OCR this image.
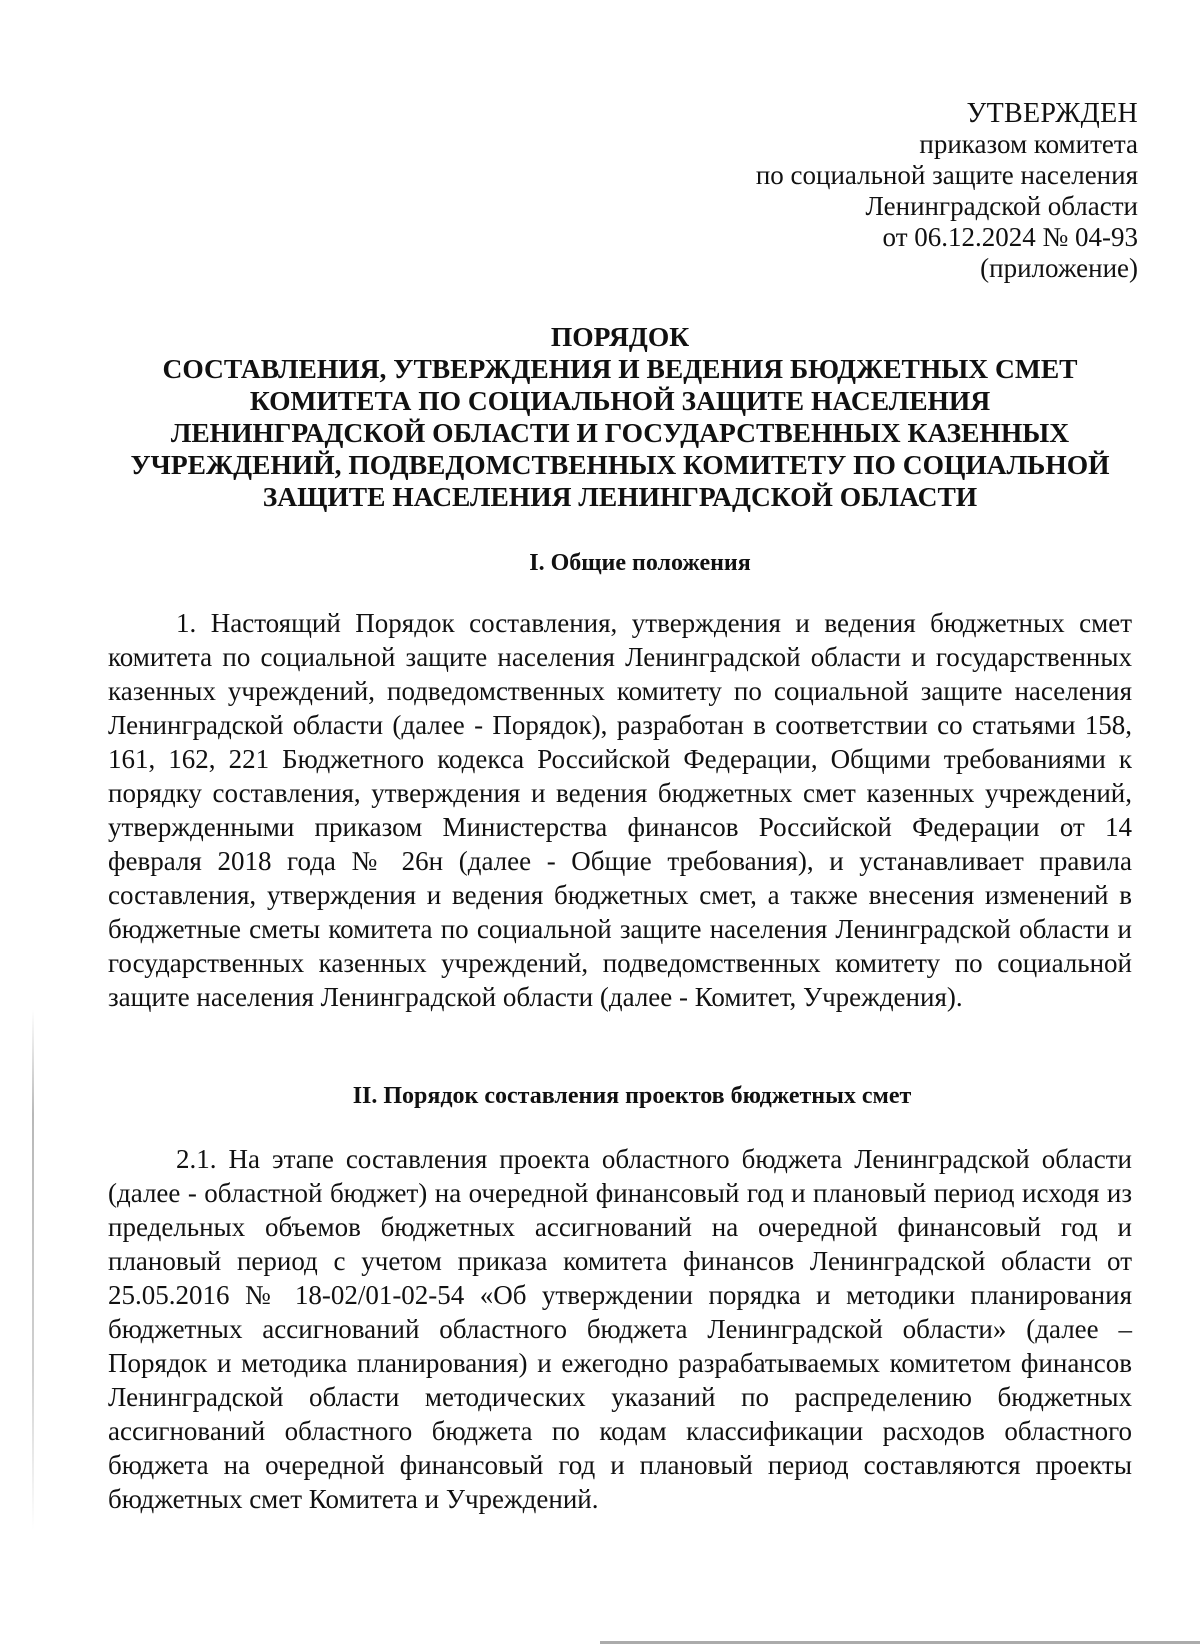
УТВЕРЖДЕН
приказом комитета
по социальной защите населения
Ленинградской области
от 06.12.2024 № 04-93
(приложение)
ПОРЯДОК
СОСТАВЛЕНИЯ, УТВЕРЖДЕНИЯ И ВЕДЕНИЯ БЮДЖЕТНЫХ СМЕТ
КОМИТЕТА ПО СОЦИАЛЬНОЙ ЗАЩИТЕ НАСЕЛЕНИЯ
ЛЕНИНГРАДСКОЙ ОБЛАСТИ И ГОСУДАРСТВЕННЫХ КАЗЕННЫХ
УЧРЕЖДЕНИЙ, ПОДВЕДОМСТВЕННЫХ КОМИТЕТУ ПО СОЦИАЛЬНОЙ
ЗАЩИТЕ НАСЕЛЕНИЯ ЛЕНИНГРАДСКОЙ ОБЛАСТИ
I. Общие положения
1. Настоящий Порядок составления, утверждения и ведения бюджетных смет комитета по социальной защите населения Ленинградской области и государственных казенных учреждений, подведомственных комитету по социальной защите населения Ленинградской области (далее - Порядок), разработан в соответствии со статьями 158, 161, 162, 221 Бюджетного кодекса Российской Федерации, Общими требованиями к порядку составления, утверждения и ведения бюджетных смет казенных учреждений, утвержденными приказом Министерства финансов Российской Федерации от 14 февраля 2018 года № 26н (далее - Общие требования), и устанавливает правила составления, утверждения и ведения бюджетных смет, а также внесения изменений в бюджетные сметы комитета по социальной защите населения Ленинградской области и государственных казенных учреждений, подведомственных комитету по социальной защите населения Ленинградской области (далее - Комитет, Учреждения).
II. Порядок составления проектов бюджетных смет
2.1. На этапе составления проекта областного бюджета Ленинградской области (далее - областной бюджет) на очередной финансовый год и плановый период исходя из предельных объемов бюджетных ассигнований на очередной финансовый год и плановый период с учетом приказа комитета финансов Ленинградской области от 25.05.2016 № 18-02/01-02-54 «Об утверждении порядка и методики планирования бюджетных ассигнований областного бюджета Ленинградской области» (далее – Порядок и методика планирования) и ежегодно разрабатываемых комитетом финансов Ленинградской области методических указаний по распределению бюджетных ассигнований областного бюджета по кодам классификации расходов областного бюджета на очередной финансовый год и плановый период составляются проекты бюджетных смет Комитета и Учреждений.
